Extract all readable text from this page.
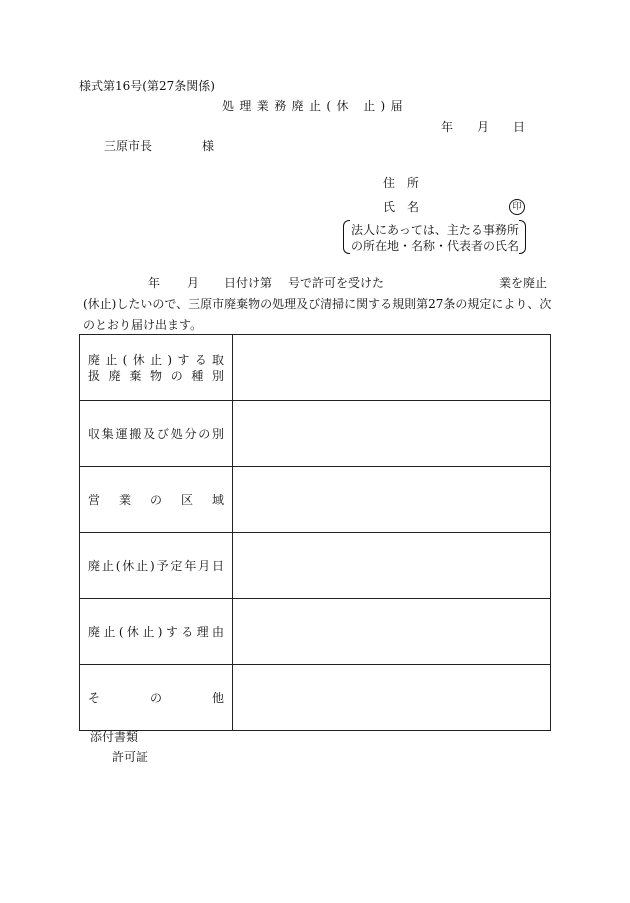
様式第16号(第27条関係)
処理業務廃止(休 止)届
年 月 日
三原市長	様
住　所
氏　名	印
法人にあっては、主たる事務所
の所在地・名称・代表者の氏名
年 月 日付け第 号で許可を受けた	業を廃止
(休止)したいので、三原市廃棄物の処理及び清掃に関する規則第27条の規定により、次
のとおり届け出ます。
廃止(休止)する取
扱廃棄物の種別	

収集運搬及び処分の別	
営業の区域	
廃止(休止)予定年月日	
廃止(休止)する理由	
その他	
添付書類
許可証
